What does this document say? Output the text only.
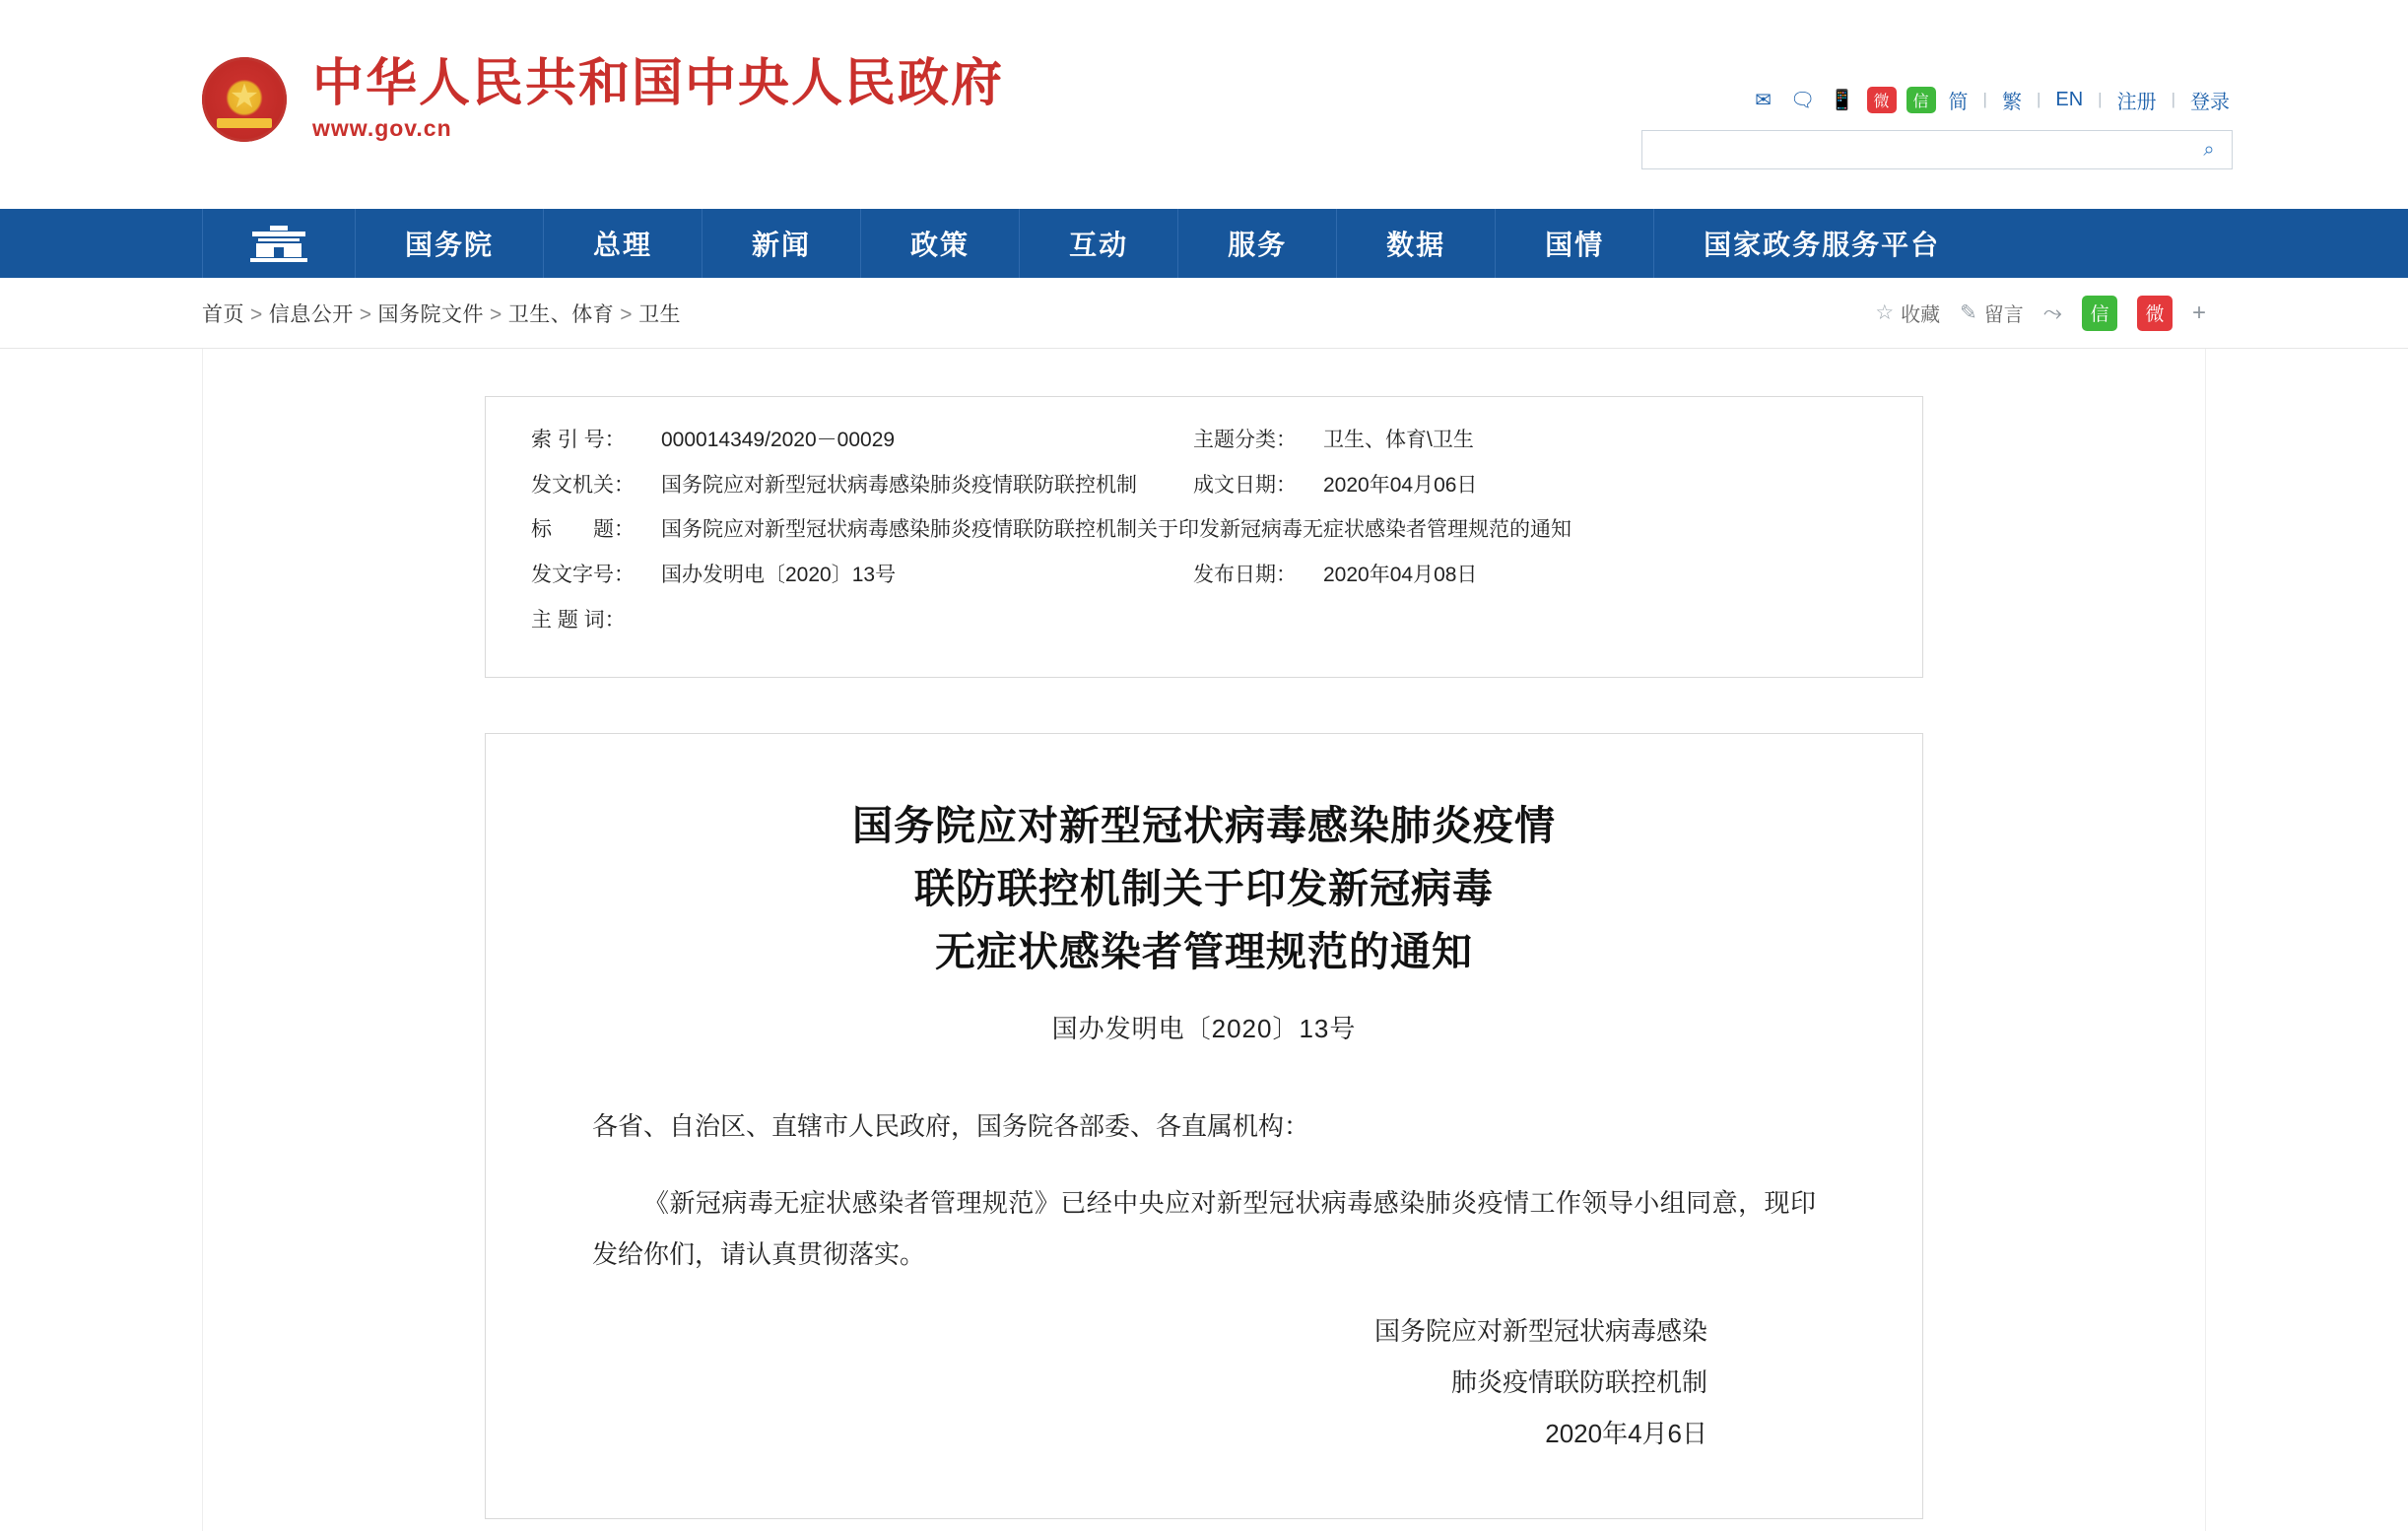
★
中华人民共和国中央人民政府
www.gov.cn
✉ 🗨 📱	微	信	简 | 繁 | EN | 注册 | 登录
⌕
国务院	总理	新闻	政策	互动	服务	数据	国情	国家政务服务平台
首页 > 信息公开 > 国务院文件 > 卫生、体育 > 卫生	☆ 收藏 ✎ 留言 ⤳	信	微	+
索 引 号：	000014349/2020－00029	主题分类：	卫生、体育\卫生
发文机关：	国务院应对新型冠状病毒感染肺炎疫情联防联控机制	成文日期：	2020年04月06日
标　　题：	国务院应对新型冠状病毒感染肺炎疫情联防联控机制关于印发新冠病毒无症状感染者管理规范的通知
发文字号：	国办发明电〔2020〕13号	发布日期：	2020年04月08日
主 题 词：
国务院应对新型冠状病毒感染肺炎疫情
联防联控机制关于印发新冠病毒
无症状感染者管理规范的通知
国办发明电〔2020〕13号

各省、自治区、直辖市人民政府，国务院各部委、各直属机构：

《新冠病毒无症状感染者管理规范》已经中央应对新型冠状病毒感染肺炎疫情工作领导小组同意，现印发给你们，请认真贯彻落实。

国务院应对新型冠状病毒感染
肺炎疫情联防联控机制
2020年4月6日
